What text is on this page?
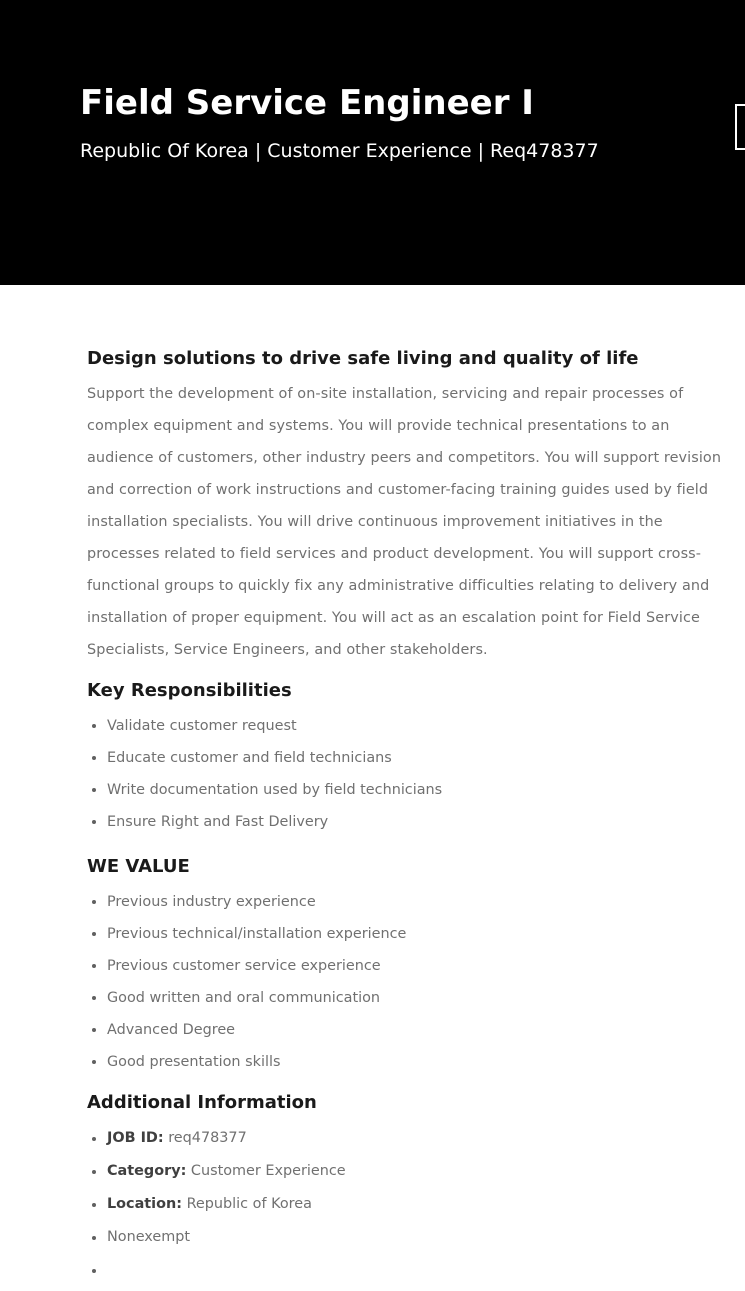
Field Service Engineer I

Republic Of Korea | Customer Experience | Req478377

Design solutions to drive safe living and quality of life

Support the development of on-site installation, servicing and repair processes of complex equipment and systems. You will provide technical presentations to an audience of customers, other industry peers and competitors. You will support revision and correction of work instructions and customer-facing training guides used by field installation specialists. You will drive continuous improvement initiatives in the processes related to field services and product development. You will support cross-functional groups to quickly fix any administrative difficulties relating to delivery and installation of proper equipment. You will act as an escalation point for Field Service Specialists, Service Engineers, and other stakeholders.

Key Responsibilities
Validate customer request
Educate customer and field technicians
Write documentation used by field technicians
Ensure Right and Fast Delivery
WE VALUE
Previous industry experience
Previous technical/installation experience
Previous customer service experience
Good written and oral communication
Advanced Degree
Good presentation skills
Additional Information
JOB ID: req478377
Category: Customer Experience
Location: Republic of Korea
Nonexempt
